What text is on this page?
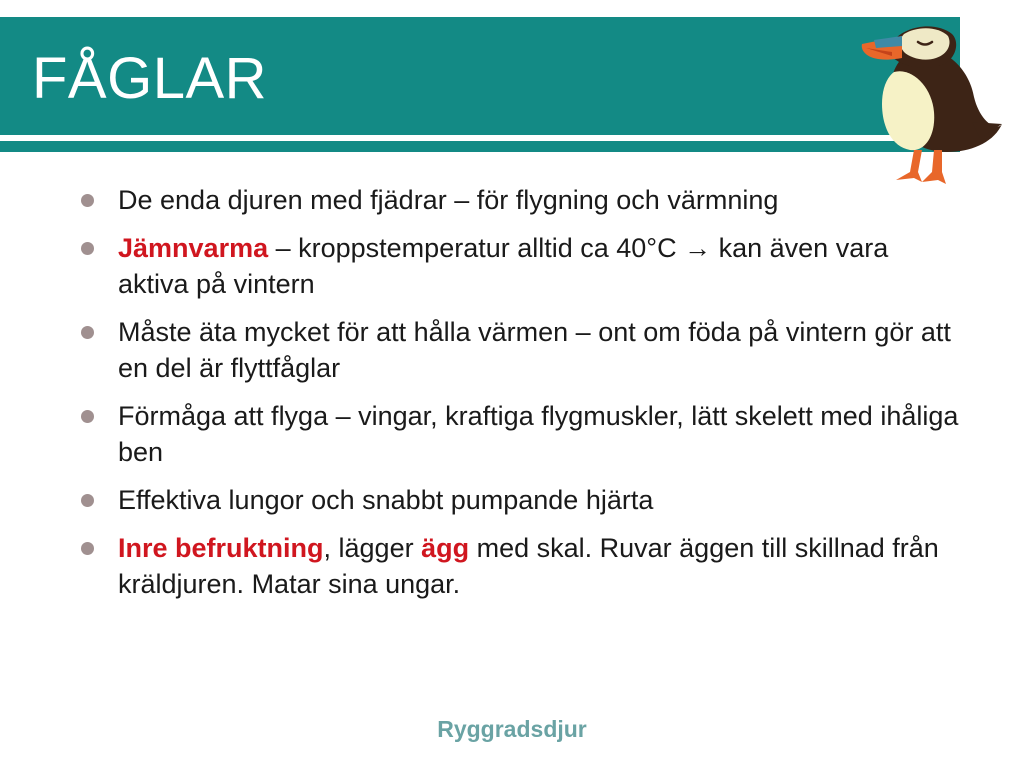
FÅGLAR
De enda djuren med fjädrar – för flygning och värmning
Jämnvarma – kroppstemperatur alltid ca 40°C → kan även vara aktiva på vintern
Måste äta mycket för att hålla värmen – ont om föda på vintern gör att en del är flyttfåglar
Förmåga att flyga – vingar, kraftiga flygmuskler, lätt skelett med ihåliga ben
Effektiva lungor och snabbt pumpande hjärta
Inre befruktning, lägger ägg med skal. Ruvar äggen till skillnad från kräldjuren. Matar sina ungar.
Ryggradsdjur
